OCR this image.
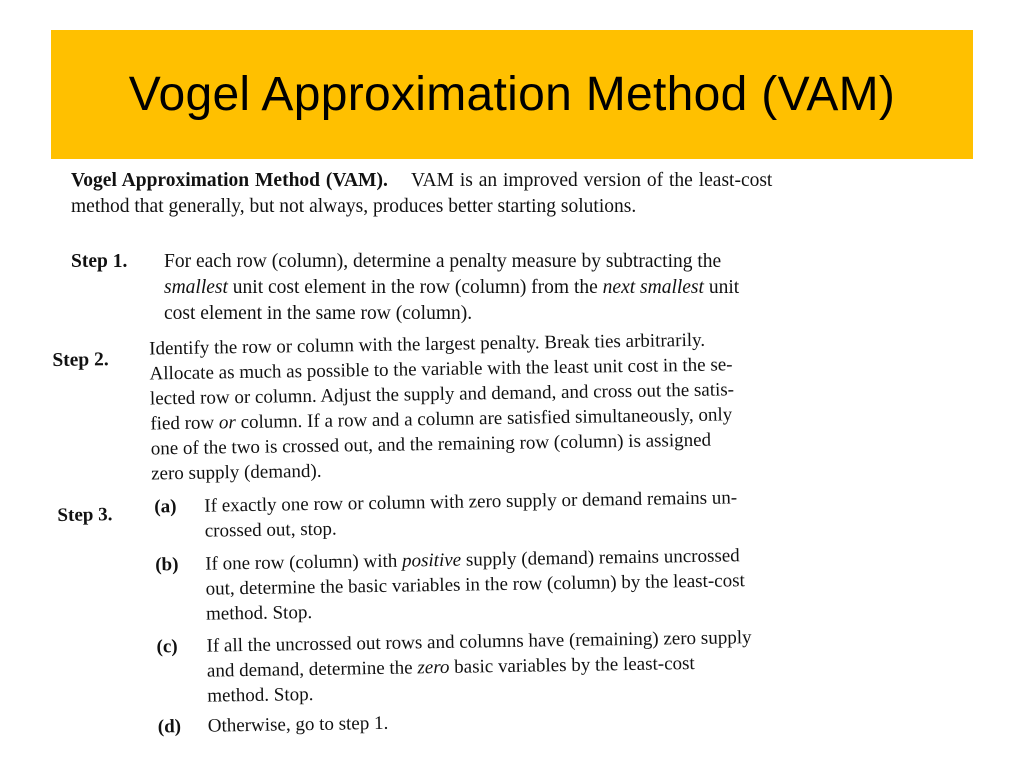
Vogel Approximation Method (VAM)
Vogel Approximation Method (VAM). VAM is an improved version of the least-cost
method that generally, but not always, produces better starting solutions.
Step 1. For each row (column), determine a penalty measure by subtracting the
smallest unit cost element in the row (column) from the next smallest unit
cost element in the same row (column).
Step 2.
Identify the row or column with the largest penalty. Break ties arbitrarily.
Allocate as much as possible to the variable with the least unit cost in the se-
lected row or column. Adjust the supply and demand, and cross out the satis-
fied row or column. If a row and a column are satisfied simultaneously, only
one of the two is crossed out, and the remaining row (column) is assigned
zero supply (demand).
Step 3. (a) If exactly one row or column with zero supply or demand remains un-
crossed out, stop.
(b) If one row (column) with positive supply (demand) remains uncrossed
out, determine the basic variables in the row (column) by the least-cost
method. Stop.
(c) If all the uncrossed out rows and columns have (remaining) zero supply
and demand, determine the zero basic variables by the least-cost
method. Stop.
(d) Otherwise, go to step 1.
